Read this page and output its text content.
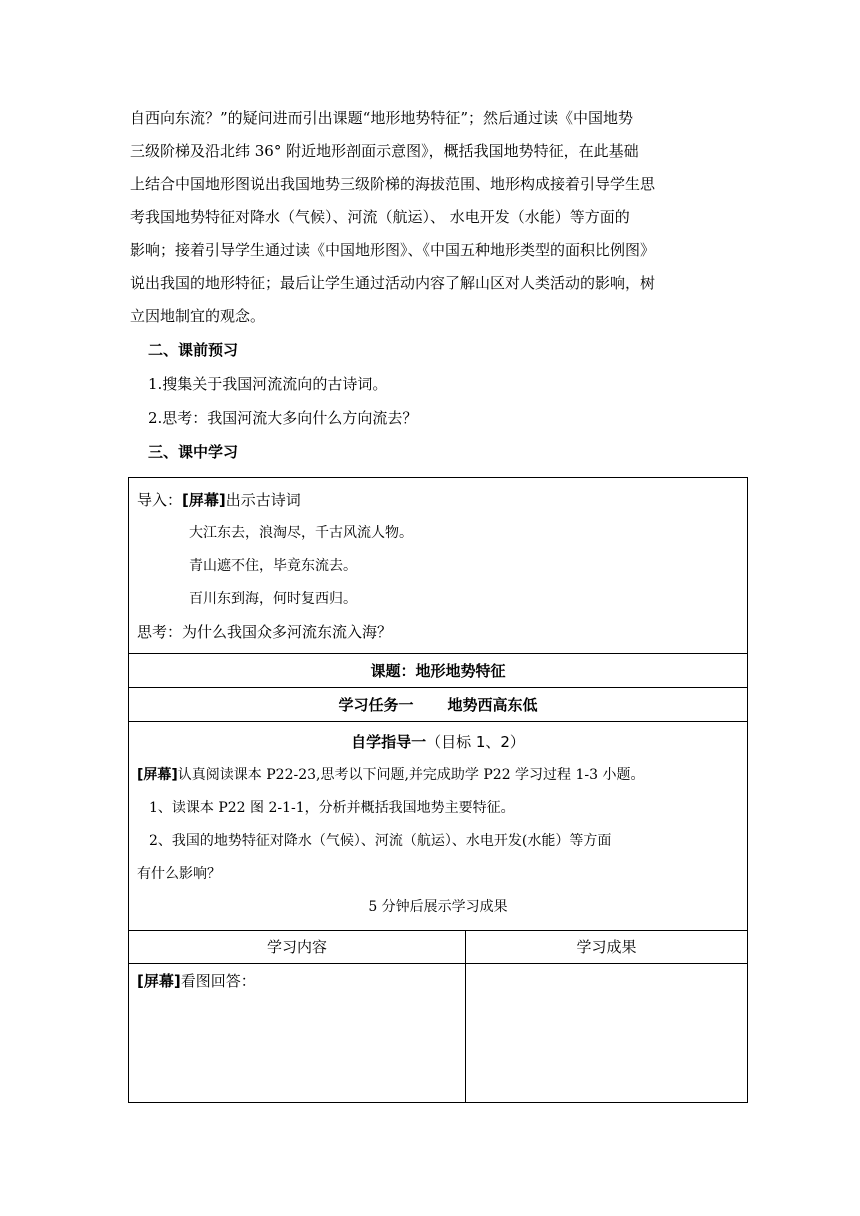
自西向东流？”的疑问进而引出课题“地形地势特征”；然后通过读《中国地势

三级阶梯及沿北纬 36° 附近地形剖面示意图》，概括我国地势特征，在此基础

上结合中国地形图说出我国地势三级阶梯的海拔范围、地形构成接着引导学生思

考我国地势特征对降水（气候）、河流（航运）、 水电开发（水能）等方面的

影响；接着引导学生通过读《中国地形图》、《中国五种地形类型的面积比例图》

说出我国的地形特征；最后让学生通过活动内容了解山区对人类活动的影响，树

立因地制宜的观念。

二、课前预习

1.搜集关于我国河流流向的古诗词。

2.思考：我国河流大多向什么方向流去？

三、课中学习

导入：[屏幕]出示古诗词

大江东去，浪淘尽，千古风流人物。

青山遮不住，毕竟东流去。

百川东到海，何时复西归。

思考：为什么我国众多河流东流入海？

课题：地形地势特征
学习任务一 地势西高东低

自学指导一（目标 1、2）

[屏幕]认真阅读课本 P22-23,思考以下问题,并完成助学 P22 学习过程 1-3 小题。

1、读课本 P22 图 2-1-1，分析并概括我国地势主要特征。

2、我国的地势特征对降水（气候）、河流（航运）、水电开发(水能）等方面

有什么影响？

5 分钟后展示学习成果

学习内容
[屏幕]看图回答：
学习成果
